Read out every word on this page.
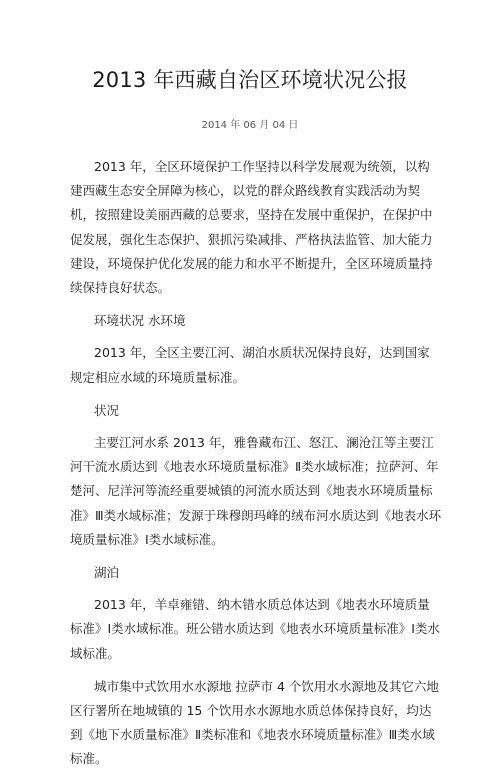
2013 年西藏自治区环境状况公报
2014 年 06 月 04 日

2013 年，全区环境保护工作坚持以科学发展观为统领，以构建西藏生态安全屏障为核心，以党的群众路线教育实践活动为契机，按照建设美丽西藏的总要求，坚持在发展中重保护，在保护中促发展，强化生态保护、狠抓污染减排、严格执法监管、加大能力建设，环境保护优化发展的能力和水平不断提升，全区环境质量持续保持良好状态。

环境状况 水环境

2013 年，全区主要江河、湖泊水质状况保持良好，达到国家规定相应水域的环境质量标准。

状况

主要江河水系 2013 年，雅鲁藏布江、怒江、澜沧江等主要江河干流水质达到《地表水环境质量标准》Ⅱ类水域标准；拉萨河、年楚河、尼洋河等流经重要城镇的河流水质达到《地表水环境质量标准》Ⅲ类水域标准；发源于珠穆朗玛峰的绒布河水质达到《地表水环境质量标准》Ⅰ类水域标准。

湖泊

2013 年，羊卓雍错、纳木错水质总体达到《地表水环境质量标准》Ⅰ类水域标准。班公错水质达到《地表水环境质量标准》Ⅰ类水域标准。

城市集中式饮用水水源地 拉萨市 4 个饮用水水源地及其它六地区行署所在地城镇的 15 个饮用水水源地水质总体保持良好，均达到《地下水质量标准》Ⅱ类标准和《地表水环境质量标准》Ⅲ类水域标准。
